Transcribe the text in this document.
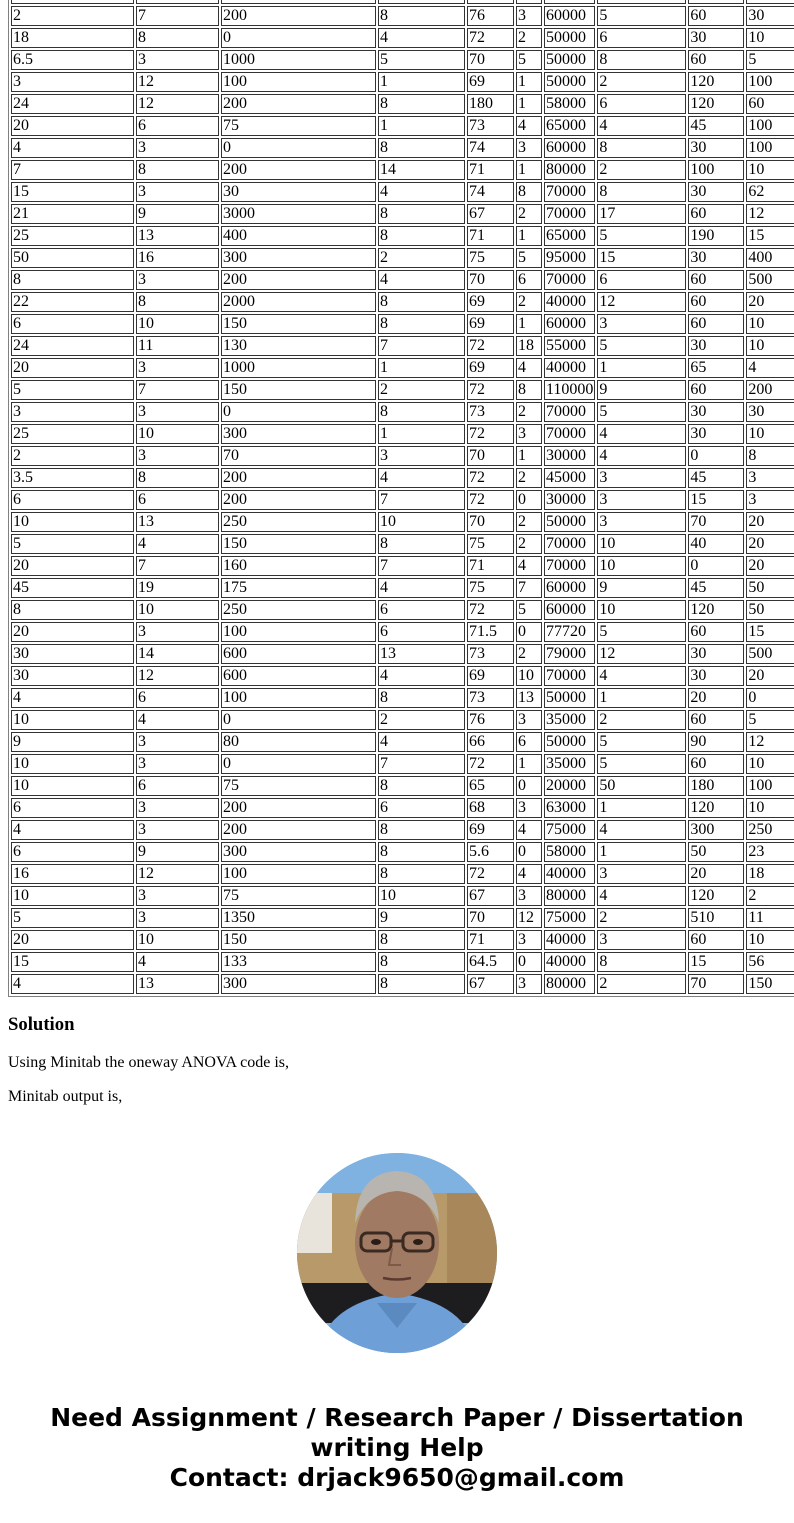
2	7	200	8	76	3	60000	5	60	30
18	8	0	4	72	2	50000	6	30	10
6.5	3	1000	5	70	5	50000	8	60	5
3	12	100	1	69	1	50000	2	120	100
24	12	200	8	180	1	58000	6	120	60
20	6	75	1	73	4	65000	4	45	100
4	3	0	8	74	3	60000	8	30	100
7	8	200	14	71	1	80000	2	100	10
15	3	30	4	74	8	70000	8	30	62
21	9	3000	8	67	2	70000	17	60	12
25	13	400	8	71	1	65000	5	190	15
50	16	300	2	75	5	95000	15	30	400
8	3	200	4	70	6	70000	6	60	500
22	8	2000	8	69	2	40000	12	60	20
6	10	150	8	69	1	60000	3	60	10
24	11	130	7	72	18	55000	5	30	10
20	3	1000	1	69	4	40000	1	65	4
5	7	150	2	72	8	110000	9	60	200
3	3	0	8	73	2	70000	5	30	30
25	10	300	1	72	3	70000	4	30	10
2	3	70	3	70	1	30000	4	0	8
3.5	8	200	4	72	2	45000	3	45	3
6	6	200	7	72	0	30000	3	15	3
10	13	250	10	70	2	50000	3	70	20
5	4	150	8	75	2	70000	10	40	20
20	7	160	7	71	4	70000	10	0	20
45	19	175	4	75	7	60000	9	45	50
8	10	250	6	72	5	60000	10	120	50
20	3	100	6	71.5	0	77720	5	60	15
30	14	600	13	73	2	79000	12	30	500
30	12	600	4	69	10	70000	4	30	20
4	6	100	8	73	13	50000	1	20	0
10	4	0	2	76	3	35000	2	60	5
9	3	80	4	66	6	50000	5	90	12
10	3	0	7	72	1	35000	5	60	10
10	6	75	8	65	0	20000	50	180	100
6	3	200	6	68	3	63000	1	120	10
4	3	200	8	69	4	75000	4	300	250
6	9	300	8	5.6	0	58000	1	50	23
16	12	100	8	72	4	40000	3	20	18
10	3	75	10	67	3	80000	4	120	2
5	3	1350	9	70	12	75000	2	510	11
20	10	150	8	71	3	40000	3	60	10
15	4	133	8	64.5	0	40000	8	15	56
4	13	300	8	67	3	80000	2	70	150
Solution

Using Minitab the oneway ANOVA code is,

Minitab output is,

Need Assignment / Research Paper / Dissertation
writing Help
Contact: drjack9650@gmail.com
